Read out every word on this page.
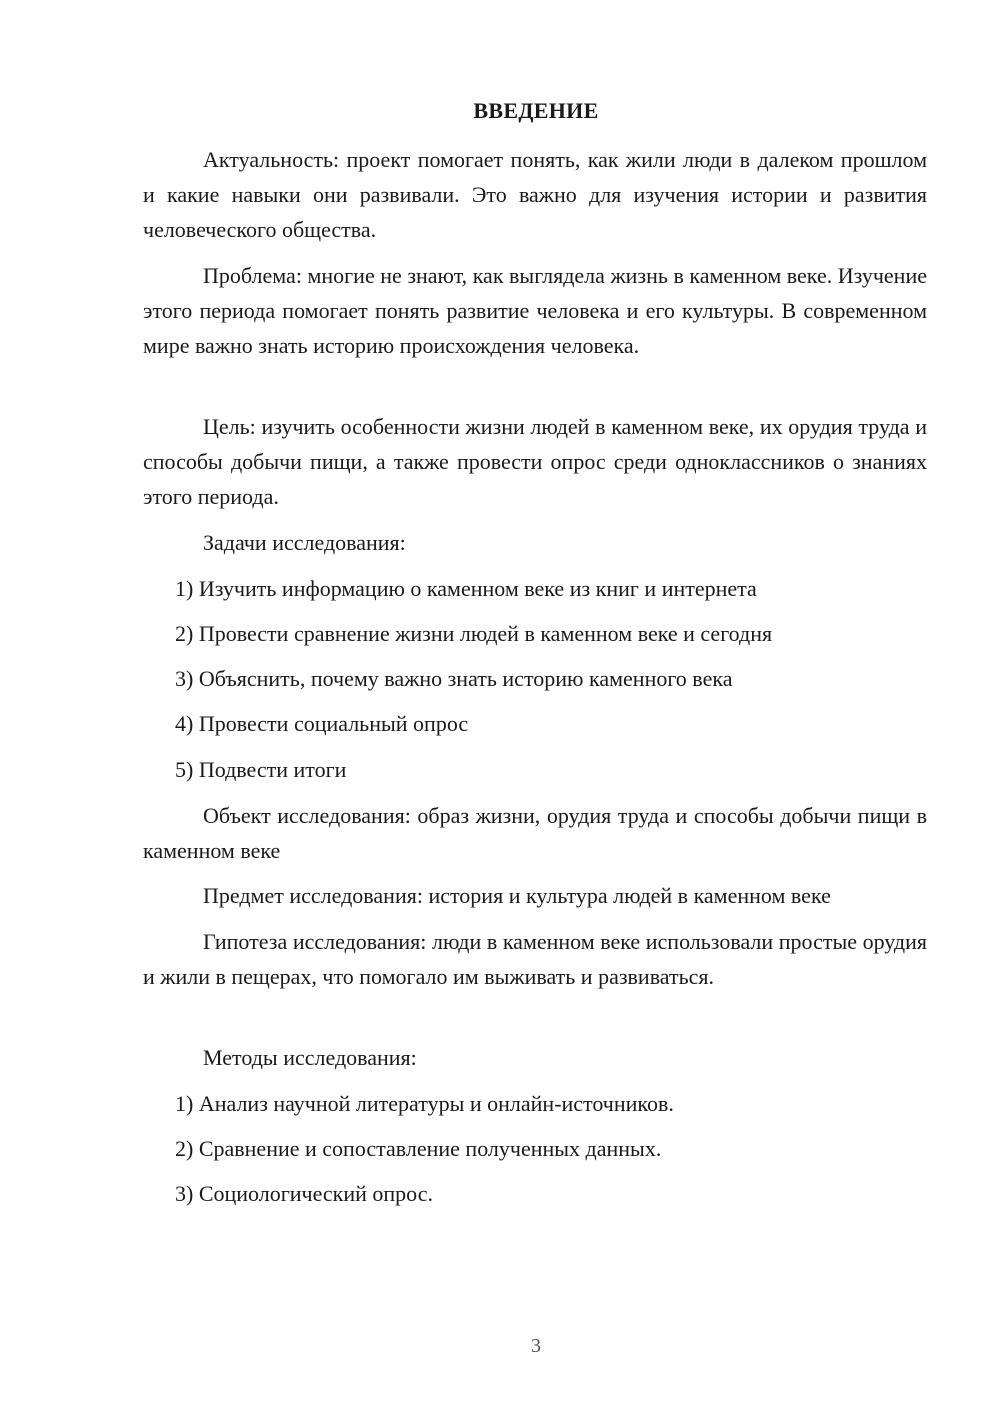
ВВЕДЕНИЕ
Актуальность: проект помогает понять, как жили люди в далеком прошлом и какие навыки они развивали. Это важно для изучения истории и развития человеческого общества.
Проблема: многие не знают, как выглядела жизнь в каменном веке. Изучение этого периода помогает понять развитие человека и его культуры. В современном мире важно знать историю происхождения человека.
Цель: изучить особенности жизни людей в каменном веке, их орудия труда и способы добычи пищи, а также провести опрос среди одноклассников о знаниях этого периода.
Задачи исследования:
1) Изучить информацию о каменном веке из книг и интернета
2) Провести сравнение жизни людей в каменном веке и сегодня
3) Объяснить, почему важно знать историю каменного века
4) Провести социальный опрос
5) Подвести итоги
Объект исследования: образ жизни, орудия труда и способы добычи пищи в каменном веке
Предмет исследования: история и культура людей в каменном веке
Гипотеза исследования: люди в каменном веке использовали простые орудия и жили в пещерах, что помогало им выживать и развиваться.
Методы исследования:
1) Анализ научной литературы и онлайн-источников.
2) Сравнение и сопоставление полученных данных.
3) Социологический опрос.
3
